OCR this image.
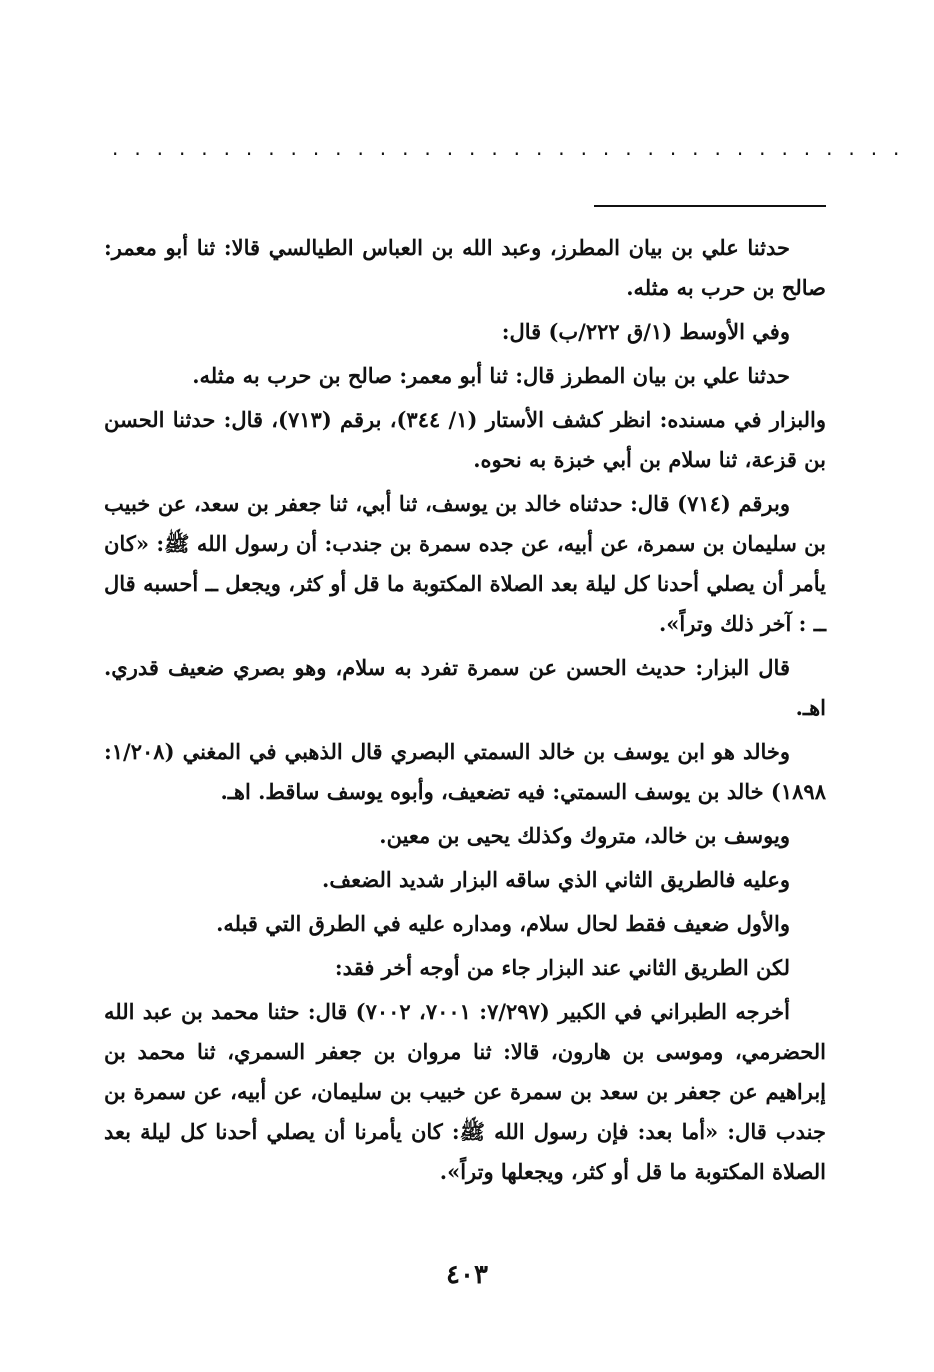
. . . . . . . . . . . . . . . . . . . . . . . . . . . . . . . . . . . .

حدثنا علي بن بيان المطرز، وعبد الله بن العباس الطيالسي قالا: ثنا أبو معمر: صالح بن حرب به مثله.

وفي الأوسط (١/ق ٢٢٢/ب) قال:

حدثنا علي بن بيان المطرز قال: ثنا أبو معمر: صالح بن حرب به مثله.

والبزار في مسنده: انظر كشف الأستار (١/ ٣٤٤)، برقم (٧١٣)، قال: حدثنا الحسن بن قزعة، ثنا سلام بن أبي خبزة به نحوه.

وبرقم (٧١٤) قال: حدثناه خالد بن يوسف، ثنا أبي، ثنا جعفر بن سعد، عن خبيب بن سليمان بن سمرة، عن أبيه، عن جده سمرة بن جندب: أن رسول الله ﷺ: «كان يأمر أن يصلي أحدنا كل ليلة بعد الصلاة المكتوبة ما قل أو كثر، ويجعل ــ أحسبه قال ــ : آخر ذلك وتراً».

قال البزار: حديث الحسن عن سمرة تفرد به سلام، وهو بصري ضعيف قدري. اهـ.

وخالد هو ابن يوسف بن خالد السمتي البصري قال الذهبي في المغني (١/٢٠٨: ١٨٩٨) خالد بن يوسف السمتي: فيه تضعيف، وأبوه يوسف ساقط. اهـ.

ويوسف بن خالد، متروك وكذلك يحيى بن معين.

وعليه فالطريق الثاني الذي ساقه البزار شديد الضعف.

والأول ضعيف فقط لحال سلام، ومداره عليه في الطرق التي قبله.

لكن الطريق الثاني عند البزار جاء من أوجه أخر فقد:

أخرجه الطبراني في الكبير (٧/٢٩٧: ٧٠٠١، ٧٠٠٢) قال: حثنا محمد بن عبد الله الحضرمي، وموسى بن هارون، قالا: ثنا مروان بن جعفر السمري، ثنا محمد بن إبراهيم عن جعفر بن سعد بن سمرة عن خبيب بن سليمان، عن أبيه، عن سمرة بن جندب قال: «أما بعد: فإن رسول الله ﷺ: كان يأمرنا أن يصلي أحدنا كل ليلة بعد الصلاة المكتوبة ما قل أو كثر، ويجعلها وتراً».

٤٠٣
